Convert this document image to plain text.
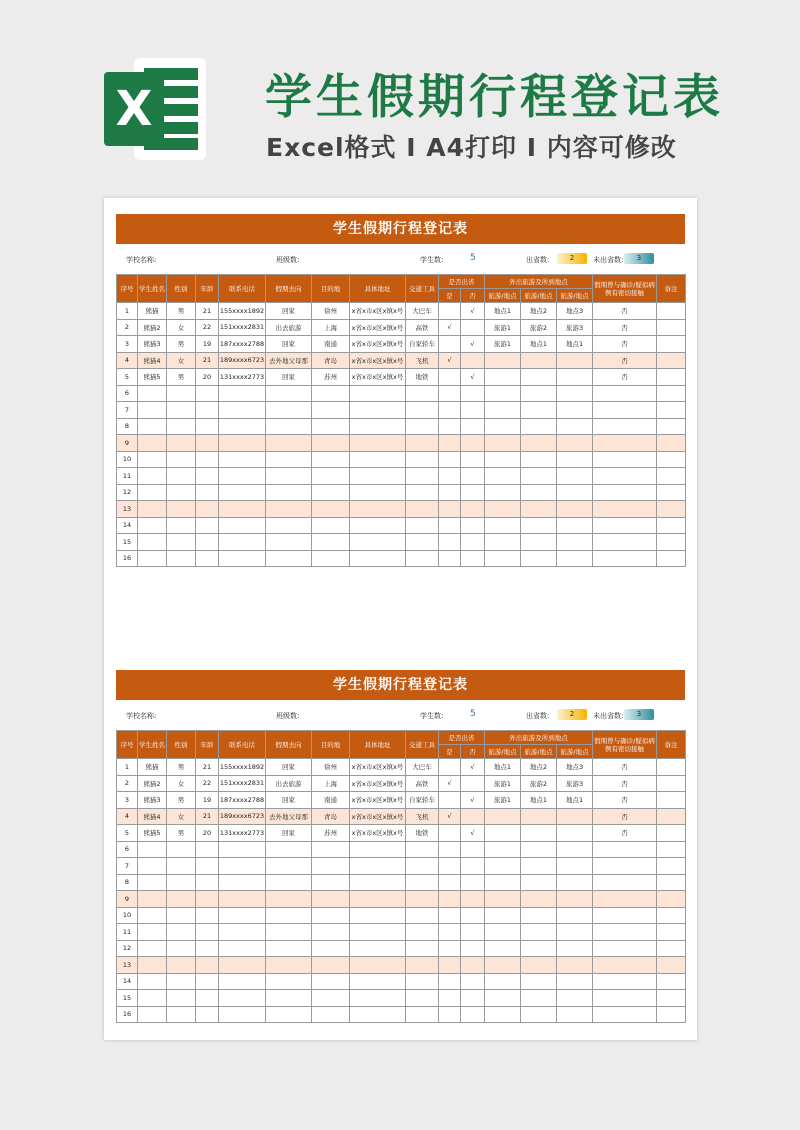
X 学生假期行程登记表
Excel格式 Ⅰ A4打印 Ⅰ 内容可修改
学生假期行程登记表
学校名称:	班级数:	学生数:	5	出省数:	2	未出省数:	3
序号	学生姓名	性别	年龄	联系电话	假期去向	目的地	具体地址	交通工具	是否出省		外出旅游及所到地点			假期曾与确诊/疑似病例有密切接触	备注
									是	否	旅游/地点	旅游/地点	旅游/地点		
1	熊猫	男	21	155xxxx1892	回家	徐州	x省x市x区x镇x号	大巴车		√	地点1	地点2	地点3	否	
2	熊猫2	女	22	151xxxx2831	出去旅游	上海	x省x市x区x镇x号	高铁	√		旅游1	旅游2	旅游3	否	
3	熊猫3	男	19	187xxxx2788	回家	南通	x省x市x区x镇x号	自家轿车		√	旅游1	地点1	地点1	否	
4	熊猫4	女	21	189xxxx6723	去外地父母那	青岛	x省x市x区x镇x号	飞机	√					否	
5	熊猫5	男	20	131xxxx2773	回家	苏州	x省x市x区x镇x号	地铁		√				否	
6															
7															
8															
9															
10															
11															
12															
13															
14															
15															
16															
学生假期行程登记表
学校名称:	班级数:	学生数:	5	出省数:	2	未出省数:	3
序号	学生姓名	性别	年龄	联系电话	假期去向	目的地	具体地址	交通工具	是否出省		外出旅游及所到地点			假期曾与确诊/疑似病例有密切接触	备注
									是	否	旅游/地点	旅游/地点	旅游/地点		
1	熊猫	男	21	155xxxx1892	回家	徐州	x省x市x区x镇x号	大巴车		√	地点1	地点2	地点3	否	
2	熊猫2	女	22	151xxxx2831	出去旅游	上海	x省x市x区x镇x号	高铁	√		旅游1	旅游2	旅游3	否	
3	熊猫3	男	19	187xxxx2788	回家	南通	x省x市x区x镇x号	自家轿车		√	旅游1	地点1	地点1	否	
4	熊猫4	女	21	189xxxx6723	去外地父母那	青岛	x省x市x区x镇x号	飞机	√					否	
5	熊猫5	男	20	131xxxx2773	回家	苏州	x省x市x区x镇x号	地铁		√				否	
6															
7															
8															
9															
10															
11															
12															
13															
14															
15															
16															
